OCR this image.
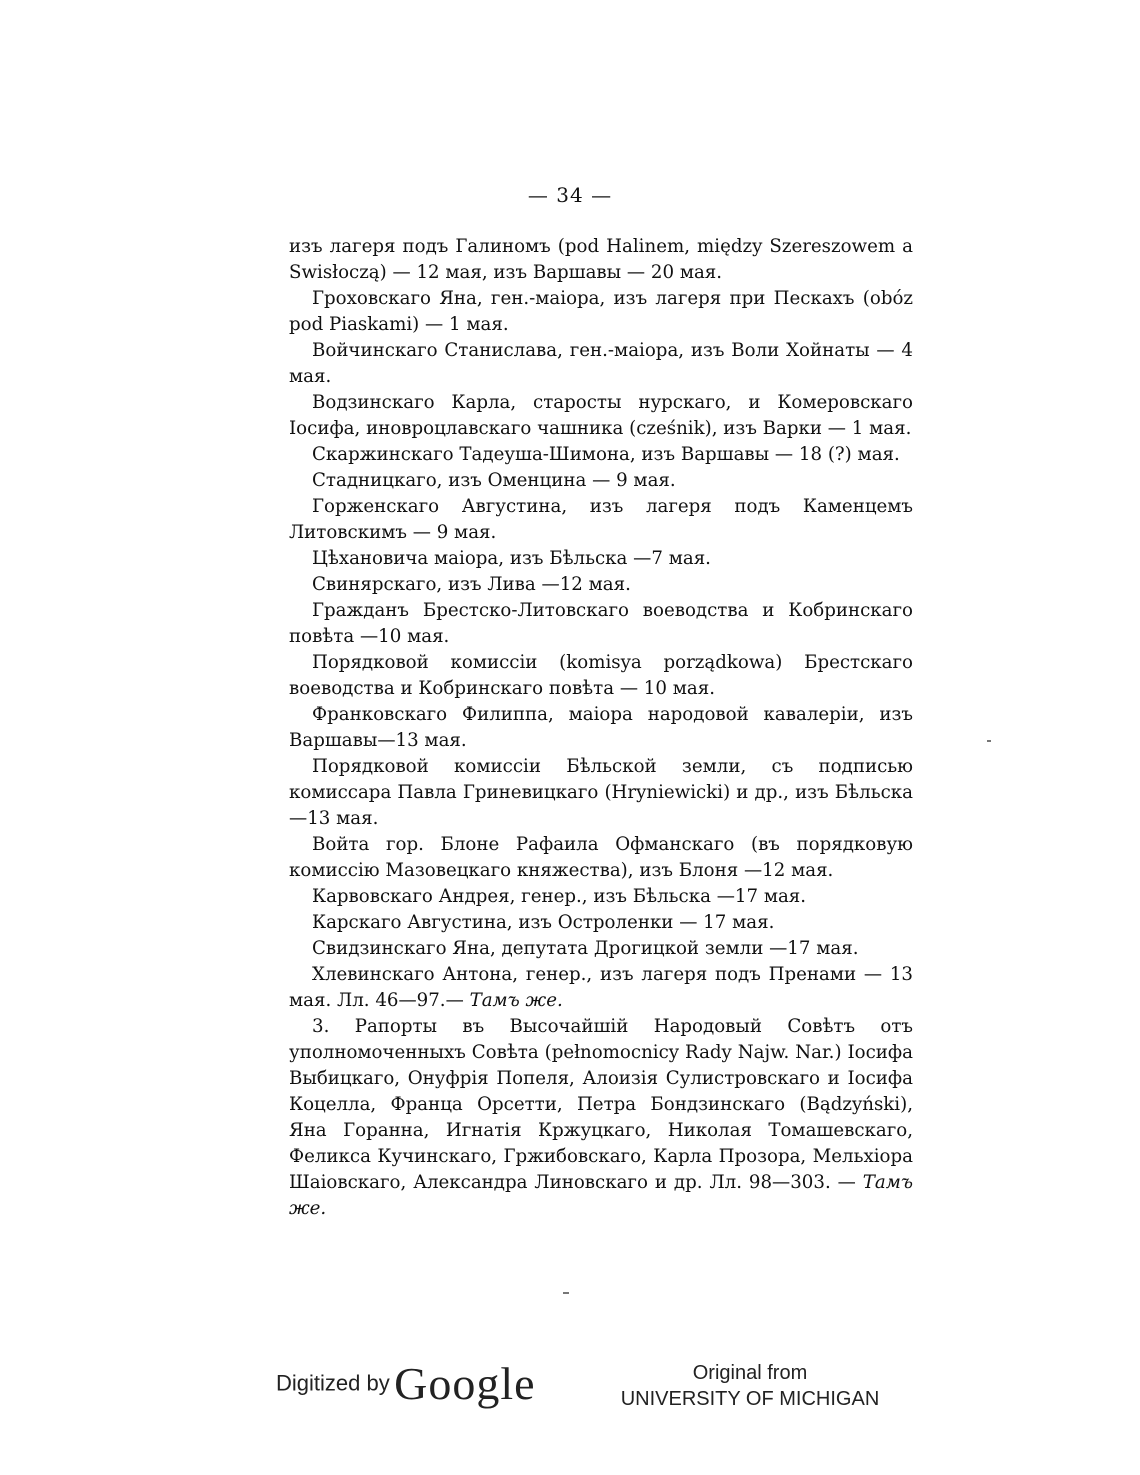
— 34 —

изъ лагеря подъ Галиномъ (pod Halinem, między Szereszowem a Swisłoczą) — 12 мая, изъ Варшавы — 20 мая.

Гроховскаго Яна, ген.-маіора, изъ лагеря при Пескахъ (obóz pod Piaskami) — 1 мая.

Войчинскаго Станислава, ген.-маіора, изъ Воли Хойнаты — 4 мая.

Водзинскаго Карла, старосты нурскаго, и Комеровскаго Іосифа, иновроцлавскаго чашника (cześnik), изъ Варки — 1 мая.

Скаржинскаго Тадеуша-Шимона, изъ Варшавы — 18 (?) мая.

Стадницкаго, изъ Оменцина — 9 мая.

Горженскаго Августина, изъ лагеря подъ Каменцемъ Литовскимъ — 9 мая.

Цѣхановича маіора, изъ Бѣльска —7 мая.

Свинярскаго, изъ Лива —12 мая.

Гражданъ Брестско-Литовскаго воеводства и Кобринскаго повѣта —10 мая.

Порядковой комиссіи (komisya porządkowa) Брестскаго воеводства и Кобринскаго повѣта — 10 мая.

Франковскаго Филиппа, маіора народовой кавалеріи, изъ Варшавы—13 мая.

Порядковой комиссіи Бѣльской земли, съ подписью комиссара Павла Гриневицкаго (Hryniewicki) и др., изъ Бѣльска —13 мая.

Войта гор. Блоне Рафаила Офманскаго (въ порядковую комиссію Мазовецкаго княжества), изъ Блоня —12 мая.

Карвовскаго Андрея, генер., изъ Бѣльска —17 мая.

Карскаго Августина, изъ Остроленки — 17 мая.

Свидзинскаго Яна, депутата Дрогицкой земли —17 мая.

Хлевинскаго Антона, генер., изъ лагеря подъ Пренами — 13 мая. Лл. 46—97.— Тамъ же.

3. Рапорты въ Высочайшій Народовый Совѣтъ отъ уполномоченныхъ Совѣта (pełnomocnicy Rady Najw. Nar.) Іосифа Выбицкаго, Онуфрія Попеля, Алоизія Сулистровскаго и Іосифа Коцелла, Франца Орсетти, Петра Бондзинскаго (Bądzyński), Яна Горанна, Игнатія Кржуцкаго, Николая Томашевскаго, Феликса Кучинскаго, Гржибовскаго, Карла Прозора, Мельхіора Шаіовскаго, Александра Линовскаго и др. Лл. 98—303. — Тамъ же.

Digitized by Google	Original from
UNIVERSITY OF MICHIGAN
